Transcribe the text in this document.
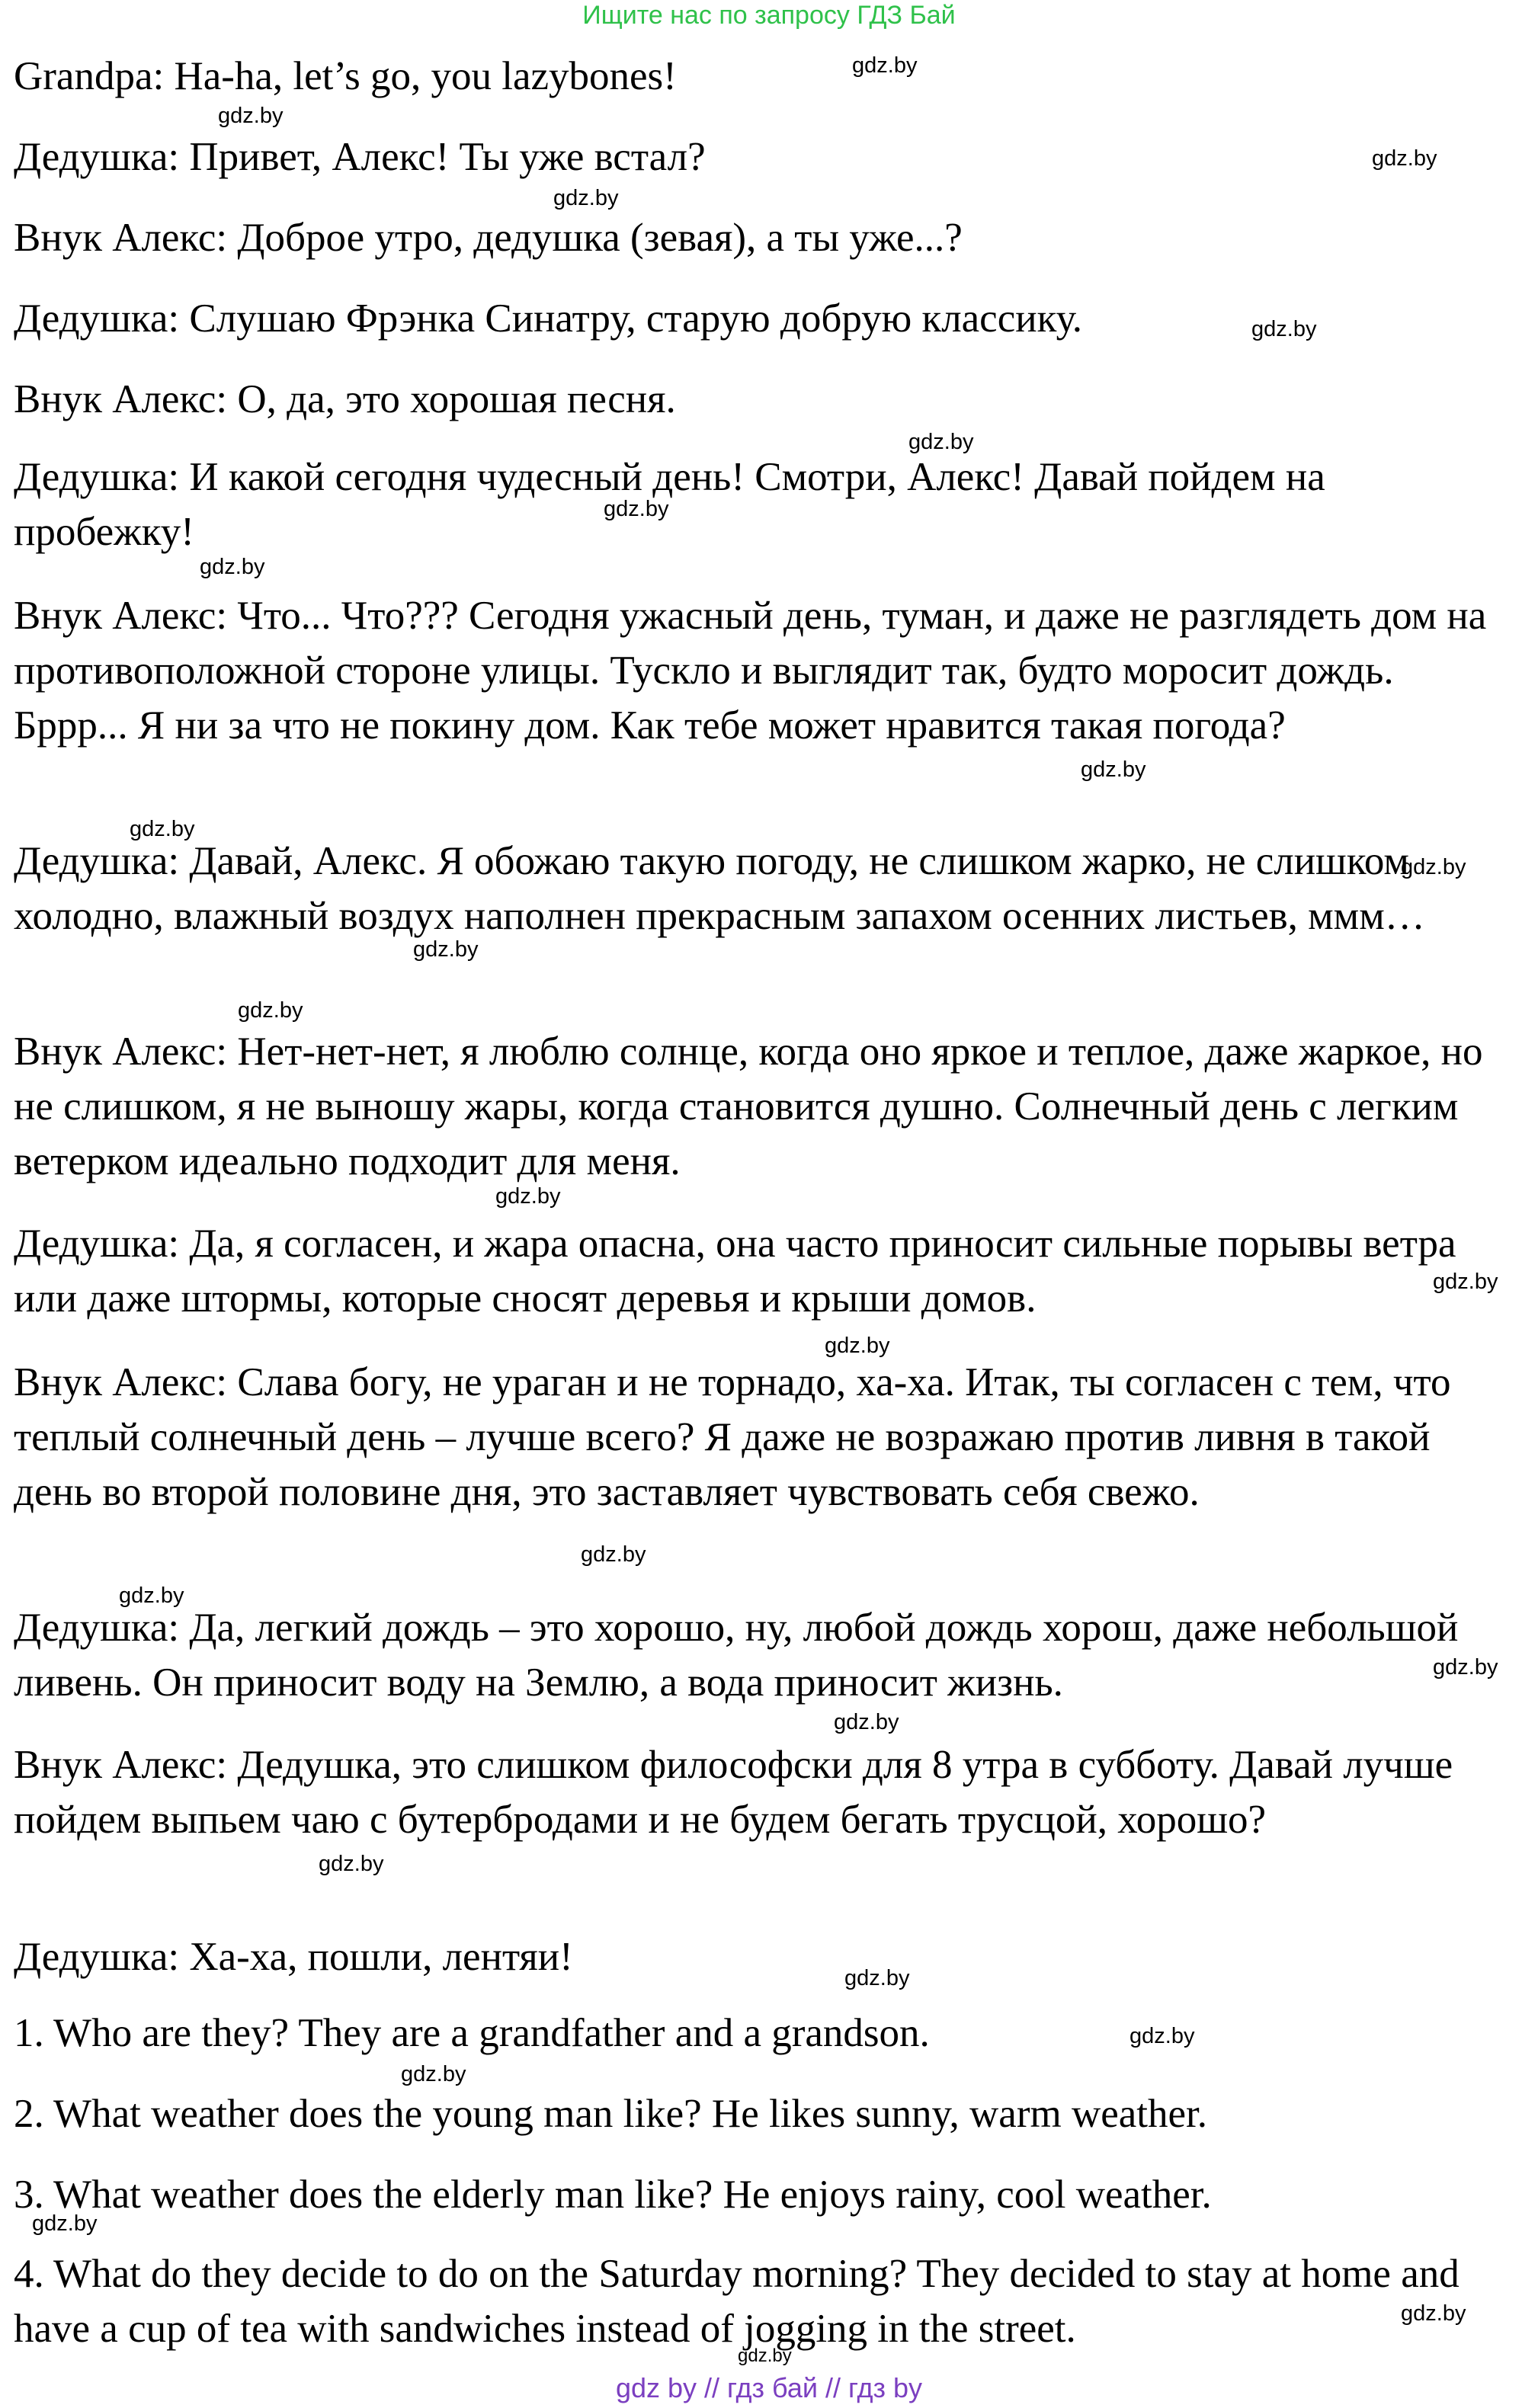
Ищите нас по запросу ГДЗ Бай

Grandpa: Ha-ha, let’s go, you lazybones!

Дедушка: Привет, Алекс! Ты уже встал?

Внук Алекс: Доброе утро, дедушка (зевая), а ты уже...?

Дедушка: Слушаю Фрэнка Синатру, старую добрую классику.

Внук Алекс: О, да, это хорошая песня.

Дедушка: И какой сегодня чудесный день! Смотри, Алекс! Давай пойдем на пробежку!

Внук Алекс: Что... Что??? Сегодня ужасный день, туман, и даже не разглядеть дом на противоположной стороне улицы. Тускло и выглядит так, будто моросит дождь. Бppp... Я ни за что не покину дом. Как тебе может нравится такая погода?

Дедушка: Давай, Алекс. Я обожаю такую погоду, не слишком жарко, не слишком холодно, влажный воздух наполнен прекрасным запахом осенних листьев, ммм…

Внук Алекс: Нет-нет-нет, я люблю солнце, когда оно яркое и теплое, даже жаркое, но не слишком, я не выношу жары, когда становится душно. Солнечный день с легким ветерком идеально подходит для меня.

Дедушка: Да, я согласен, и жара опасна, она часто приносит сильные порывы ветра или даже штормы, которые сносят деревья и крыши домов.

Внук Алекс: Слава богу, не ураган и не торнадо, ха-ха. Итак, ты согласен с тем, что теплый солнечный день – лучше всего? Я даже не возражаю против ливня в такой день во второй половине дня, это заставляет чувствовать себя свежо.

Дедушка: Да, легкий дождь – это хорошо, ну, любой дождь хорош, даже небольшой ливень. Он приносит воду на Землю, а вода приносит жизнь.

Внук Алекс: Дедушка, это слишком философски для 8 утра в субботу. Давай лучше пойдем выпьем чаю с бутербродами и не будем бегать трусцой, хорошо?

Дедушка: Ха-ха, пошли, лентяи!

1. Who are they? They are a grandfather and a grandson.

2. What weather does the young man like? He likes sunny, warm weather.

3. What weather does the elderly man like? He enjoys rainy, cool weather.

4. What do they decide to do on the Saturday morning? They decided to stay at home and have a cup of tea with sandwiches instead of jogging in the street.

gdz.by
gdz.by
gdz.by
gdz.by
gdz.by
gdz.by
gdz.by
gdz.by
gdz.by
gdz.by
gdz.by
gdz.by
gdz.by
gdz.by
gdz.by
gdz.by
gdz.by
gdz.by
gdz.by
gdz.by
gdz.by
gdz.by
gdz.by
gdz.by
gdz.by
gdz.by
gdz.by
gdz by // гдз бай // гдз by
